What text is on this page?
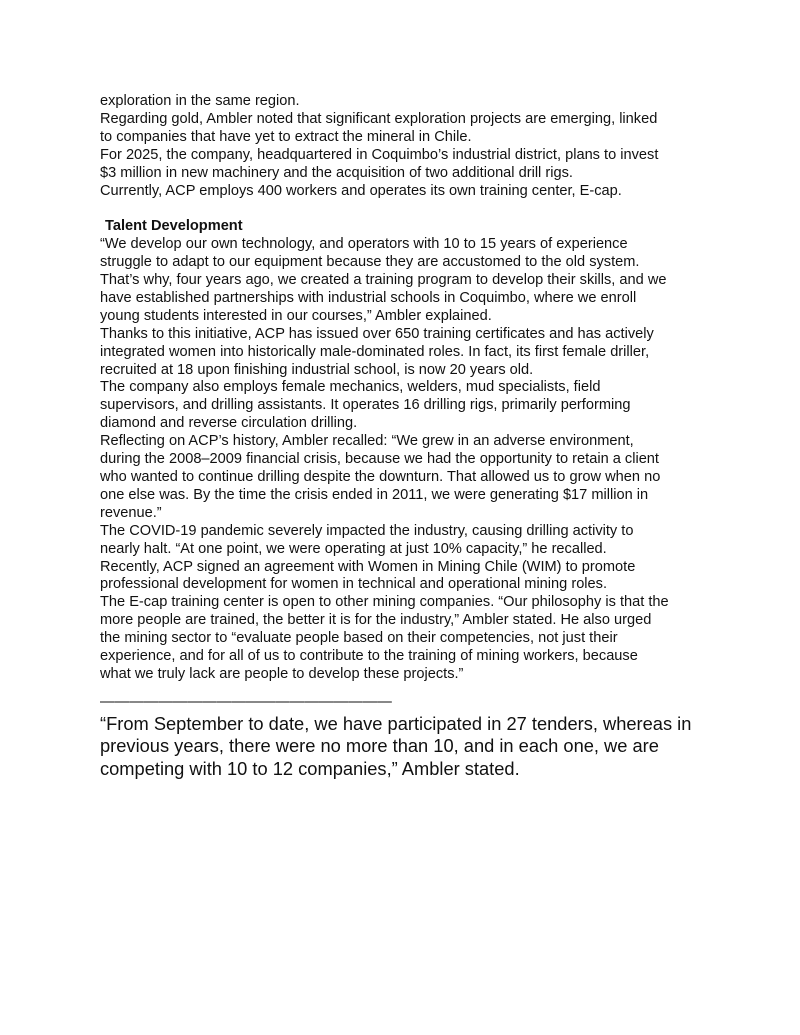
exploration in the same region.

Regarding gold, Ambler noted that significant exploration projects are emerging, linked
to companies that have yet to extract the mineral in Chile.

For 2025, the company, headquartered in Coquimbo’s industrial district, plans to invest
$3 million in new machinery and the acquisition of two additional drill rigs.

Currently, ACP employs 400 workers and operates its own training center, E-cap.

Talent Development

“We develop our own technology, and operators with 10 to 15 years of experience
struggle to adapt to our equipment because they are accustomed to the old system.
That’s why, four years ago, we created a training program to develop their skills, and we
have established partnerships with industrial schools in Coquimbo, where we enroll
young students interested in our courses,” Ambler explained.

Thanks to this initiative, ACP has issued over 650 training certificates and has actively
integrated women into historically male-dominated roles. In fact, its first female driller,
recruited at 18 upon finishing industrial school, is now 20 years old.

The company also employs female mechanics, welders, mud specialists, field
supervisors, and drilling assistants. It operates 16 drilling rigs, primarily performing
diamond and reverse circulation drilling.

Reflecting on ACP’s history, Ambler recalled: “We grew in an adverse environment,
during the 2008–2009 financial crisis, because we had the opportunity to retain a client
who wanted to continue drilling despite the downturn. That allowed us to grow when no
one else was. By the time the crisis ended in 2011, we were generating $17 million in
revenue.”

The COVID-19 pandemic severely impacted the industry, causing drilling activity to
nearly halt. “At one point, we were operating at just 10% capacity,” he recalled.

Recently, ACP signed an agreement with Women in Mining Chile (WIM) to promote
professional development for women in technical and operational mining roles.

The E-cap training center is open to other mining companies. “Our philosophy is that the
more people are trained, the better it is for the industry,” Ambler stated. He also urged
the mining sector to “evaluate people based on their competencies, not just their
experience, and for all of us to contribute to the training of mining workers, because
what we truly lack are people to develop these projects.”

————————————————————

“From September to date, we have participated in 27 tenders, whereas in
previous years, there were no more than 10, and in each one, we are
competing with 10 to 12 companies,” Ambler stated.
